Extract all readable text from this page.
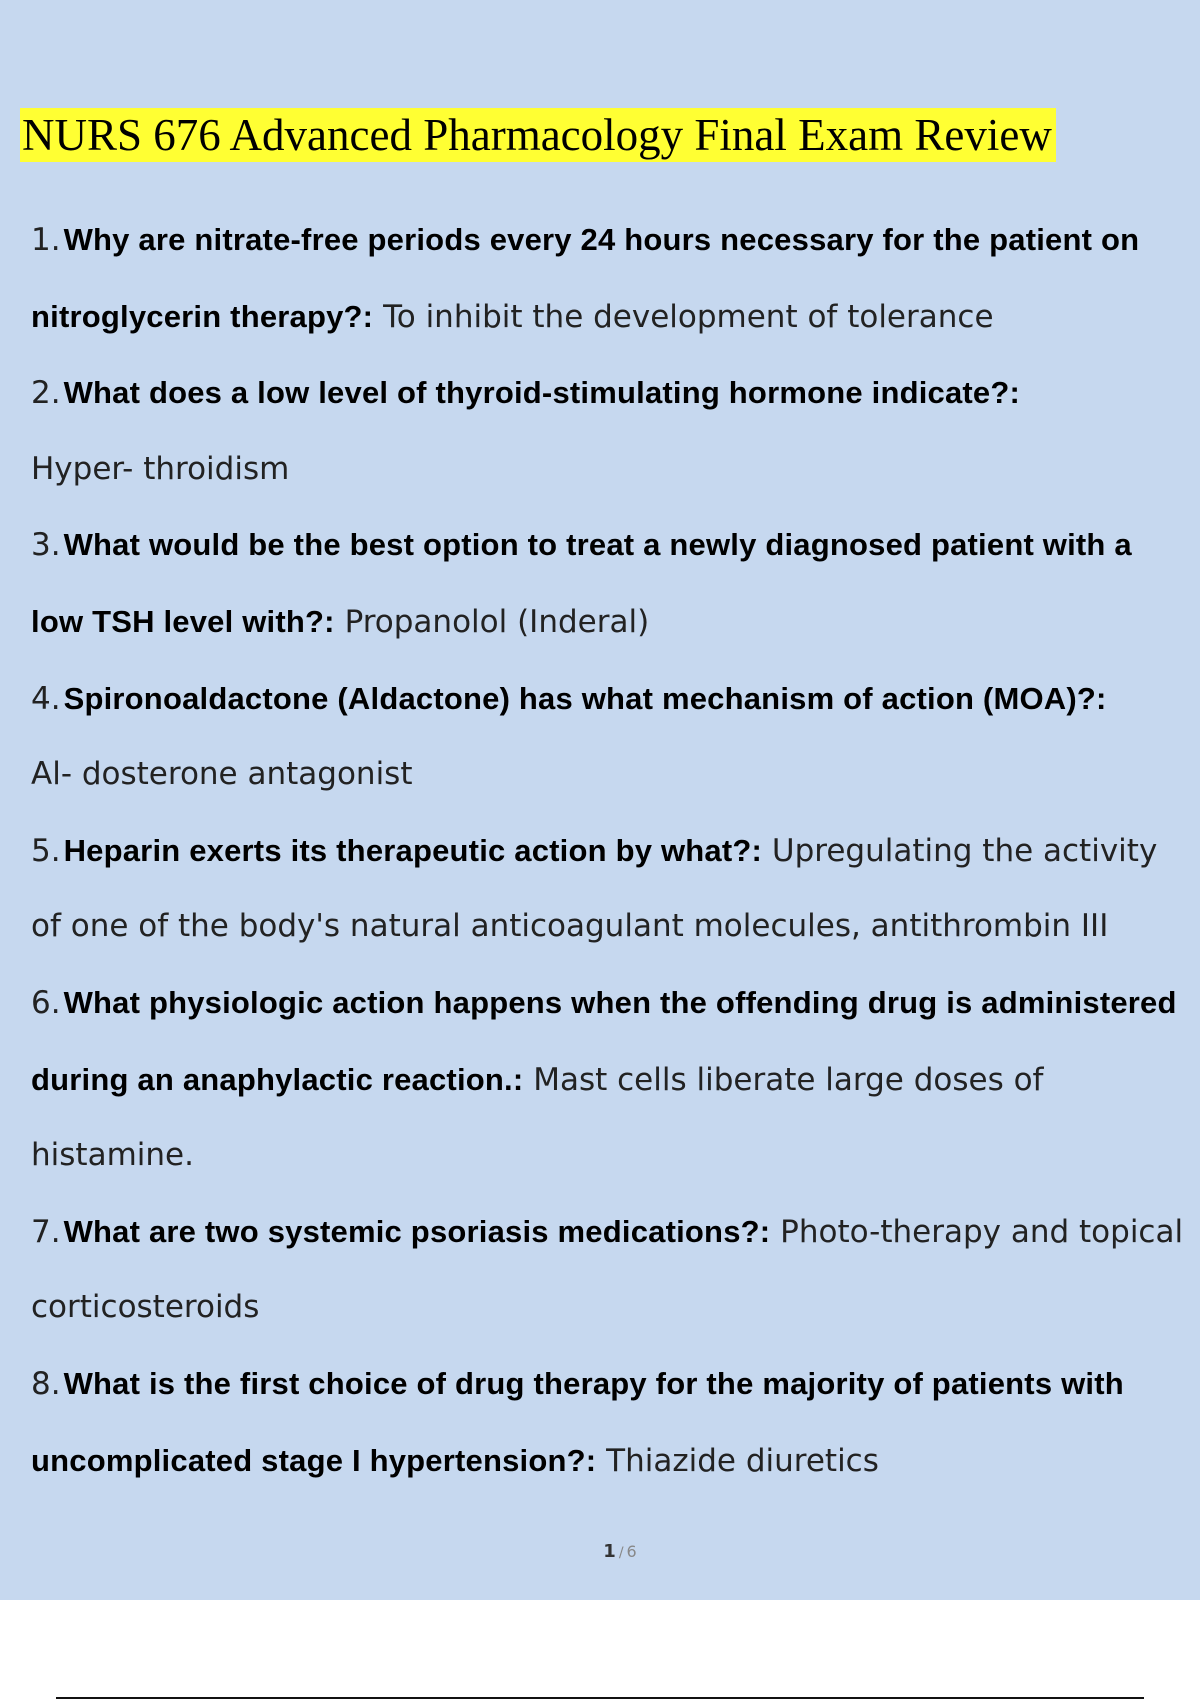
NURS 676 Advanced Pharmacology Final Exam Review
1.Why are nitrate-free periods every 24 hours necessary for the patient on nitroglycerin therapy?: To inhibit the development of tolerance
2.What does a low level of thyroid-stimulating hormone indicate?:
Hyper- throidism
3.What would be the best option to treat a newly diagnosed patient with a low TSH level with?: Propanolol (Inderal)
4.Spironoaldactone (Aldactone) has what mechanism of action (MOA)?:
Al- dosterone antagonist
5.Heparin exerts its therapeutic action by what?: Upregulating the activity of one of the body's natural anticoagulant molecules, antithrombin III
6.What physiologic action happens when the offending drug is administered during an anaphylactic reaction.: Mast cells liberate large doses of histamine.
7.What are two systemic psoriasis medications?: Photo-therapy and topical corticosteroids
8.What is the first choice of drug therapy for the majority of patients with uncomplicated stage I hypertension?: Thiazide diuretics
1 / 6
